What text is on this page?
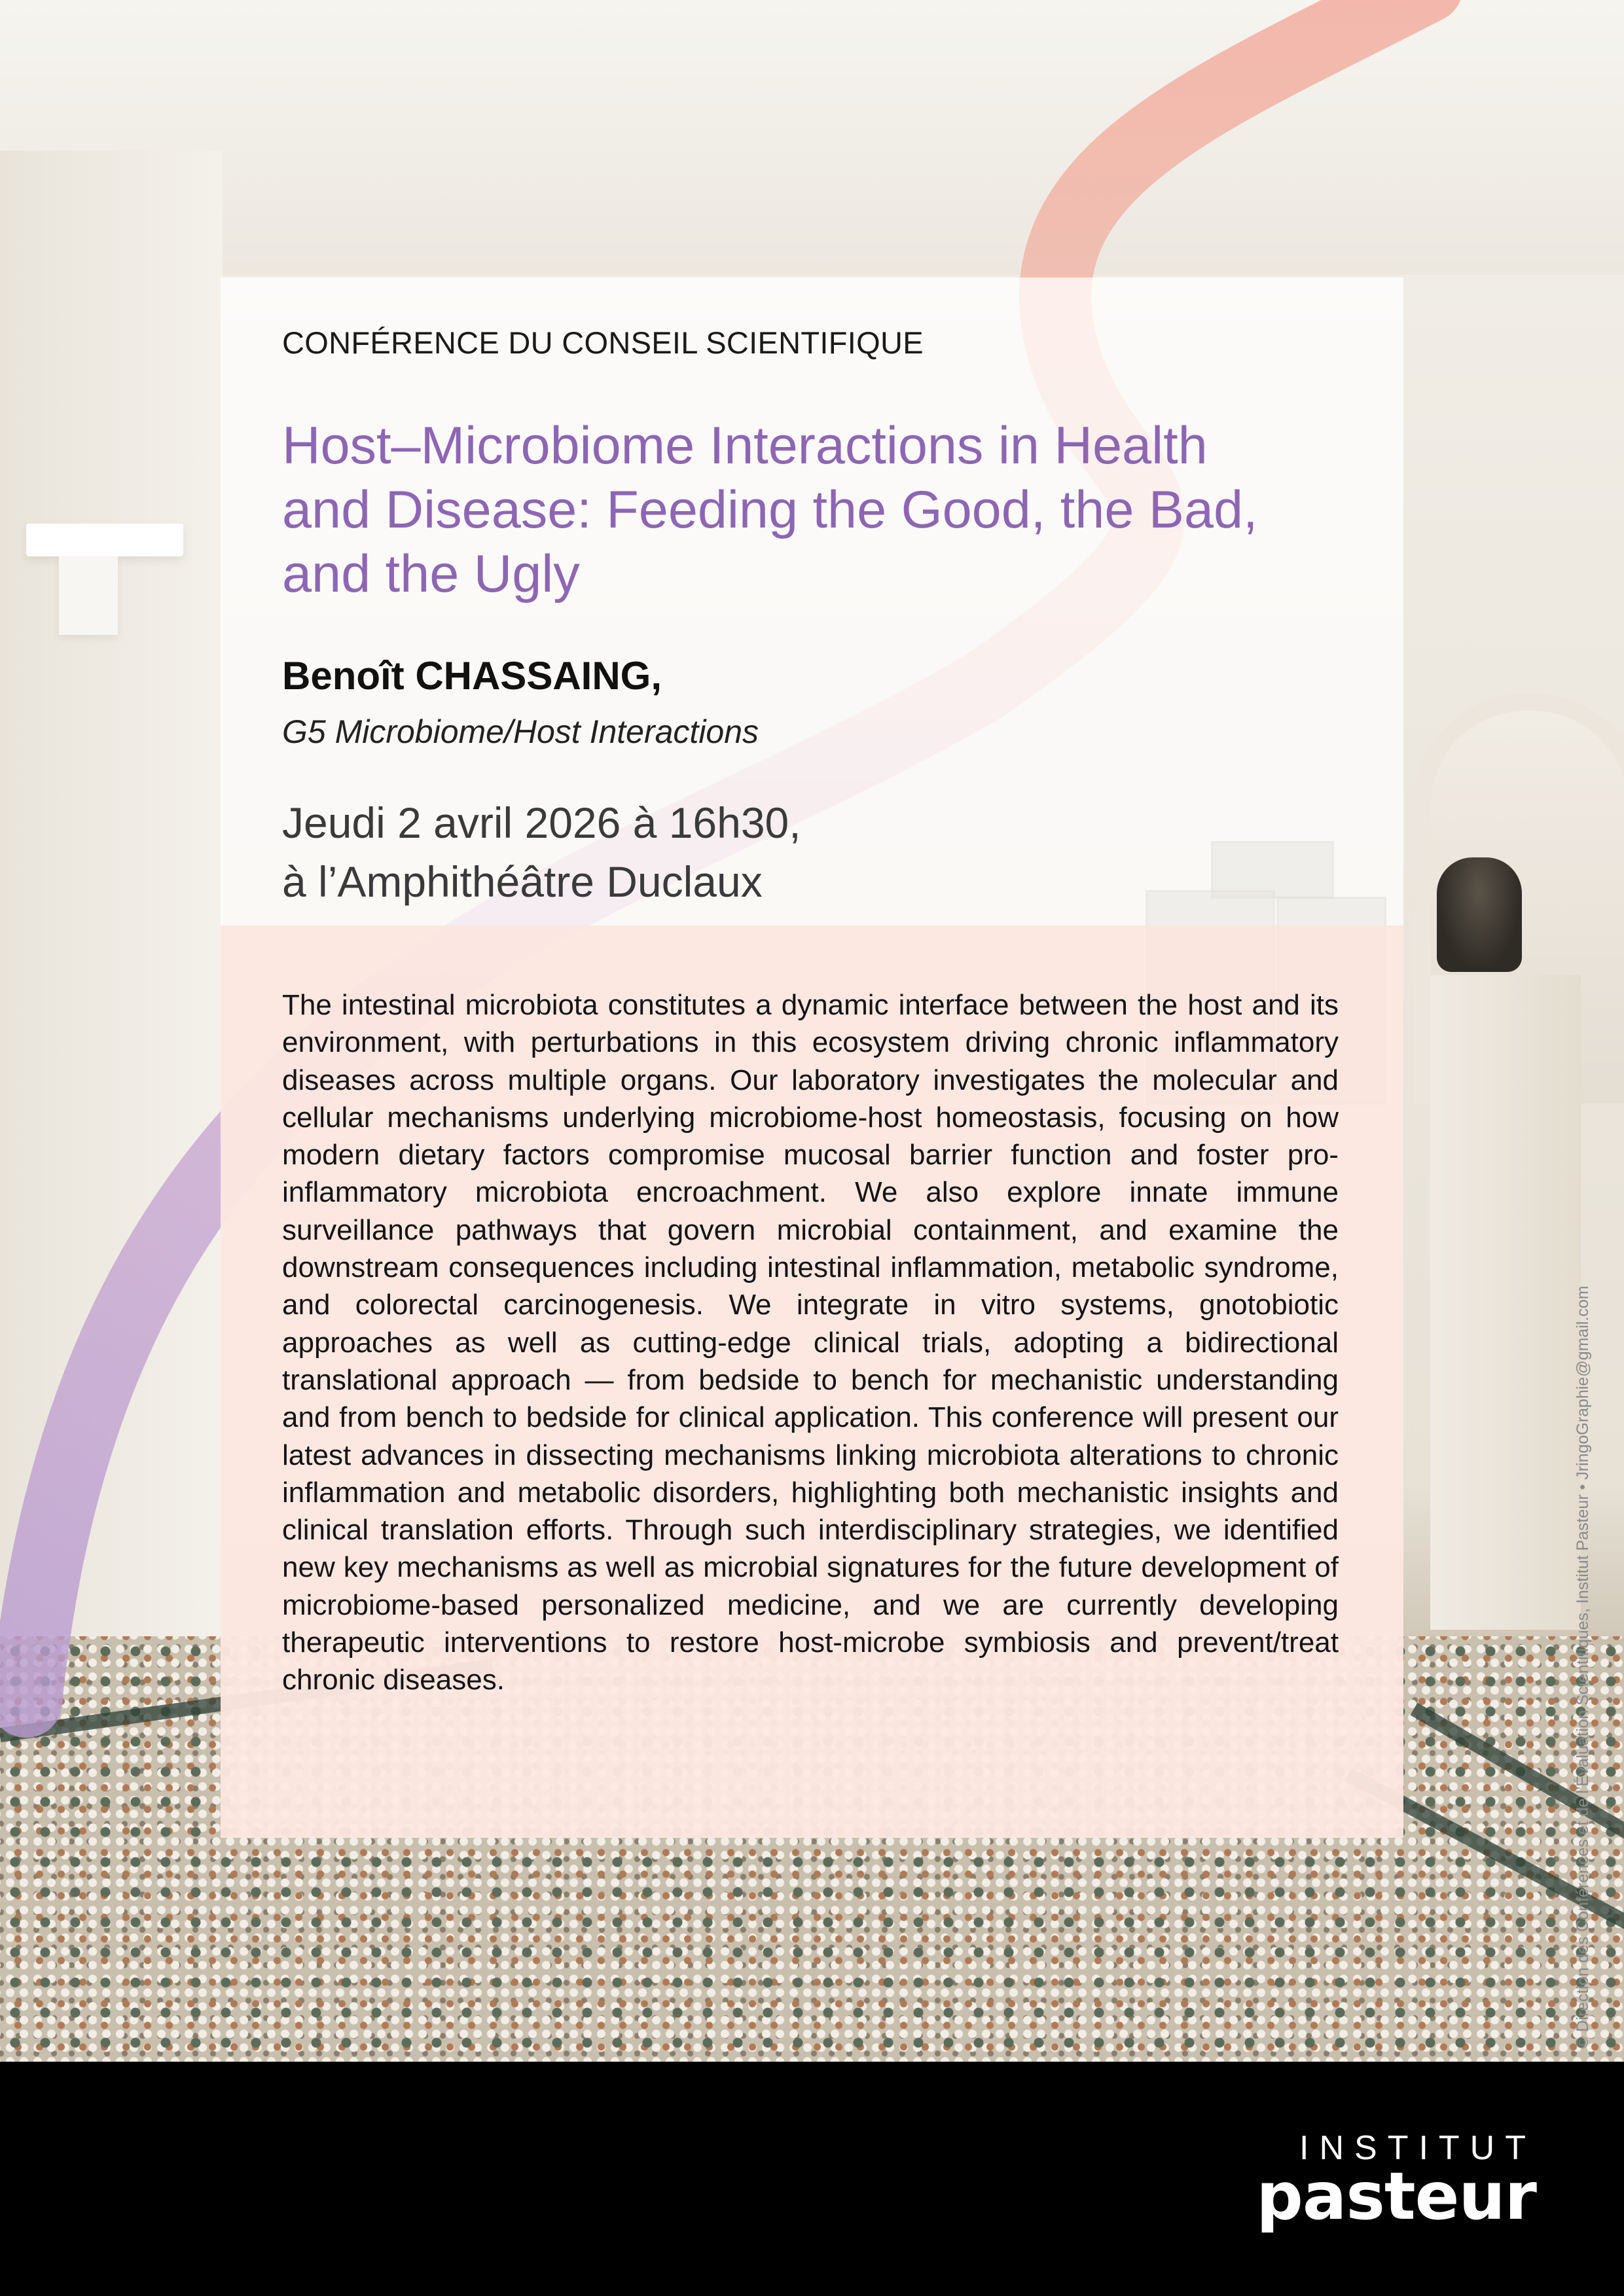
CONFÉRENCE DU CONSEIL SCIENTIFIQUE
Host–Microbiome Interactions in Health and Disease: Feeding the Good, the Bad, and the Ugly
Benoît CHASSAING,
G5 Microbiome/Host Interactions
Jeudi 2 avril 2026 à 16h30,
à l’Amphithéâtre Duclaux

The intestinal microbiota constitutes a dynamic interface between the host and its environment, with perturbations in this ecosystem driving chronic inflammatory diseases across multiple organs. Our laboratory investigates the molecular and cellular mechanisms underlying microbiome-host homeostasis, focusing on how modern dietary factors compromise mucosal barrier function and foster pro-inflammatory microbiota encroachment. We also explore innate immune surveillance pathways that govern microbial containment, and examine the downstream consequences including intestinal inflammation, metabolic syndrome, and colorectal carcinogenesis. We integrate in vitro systems, gnotobiotic approaches as well as cutting-edge clinical trials, adopting a bidirectional translational approach — from bedside to bench for mechanistic understanding and from bench to bedside for clinical application. This conference will present our latest advances in dissecting mechanisms linking microbiota alterations to chronic inflammation and metabolic disorders, highlighting both mechanistic insights and clinical translation efforts. Through such interdisciplinary strategies, we identified new key mechanisms as well as microbial signatures for the future development of microbiome-based personalized medicine, and we are currently developing therapeutic interventions to restore host-microbe symbiosis and prevent/treat chronic diseases.	© Direction des Conférences et de l’Évaluation Scientifiques, Institut Pasteur • JringoGraphie@gmail.com
INSTITUT
pasteur
